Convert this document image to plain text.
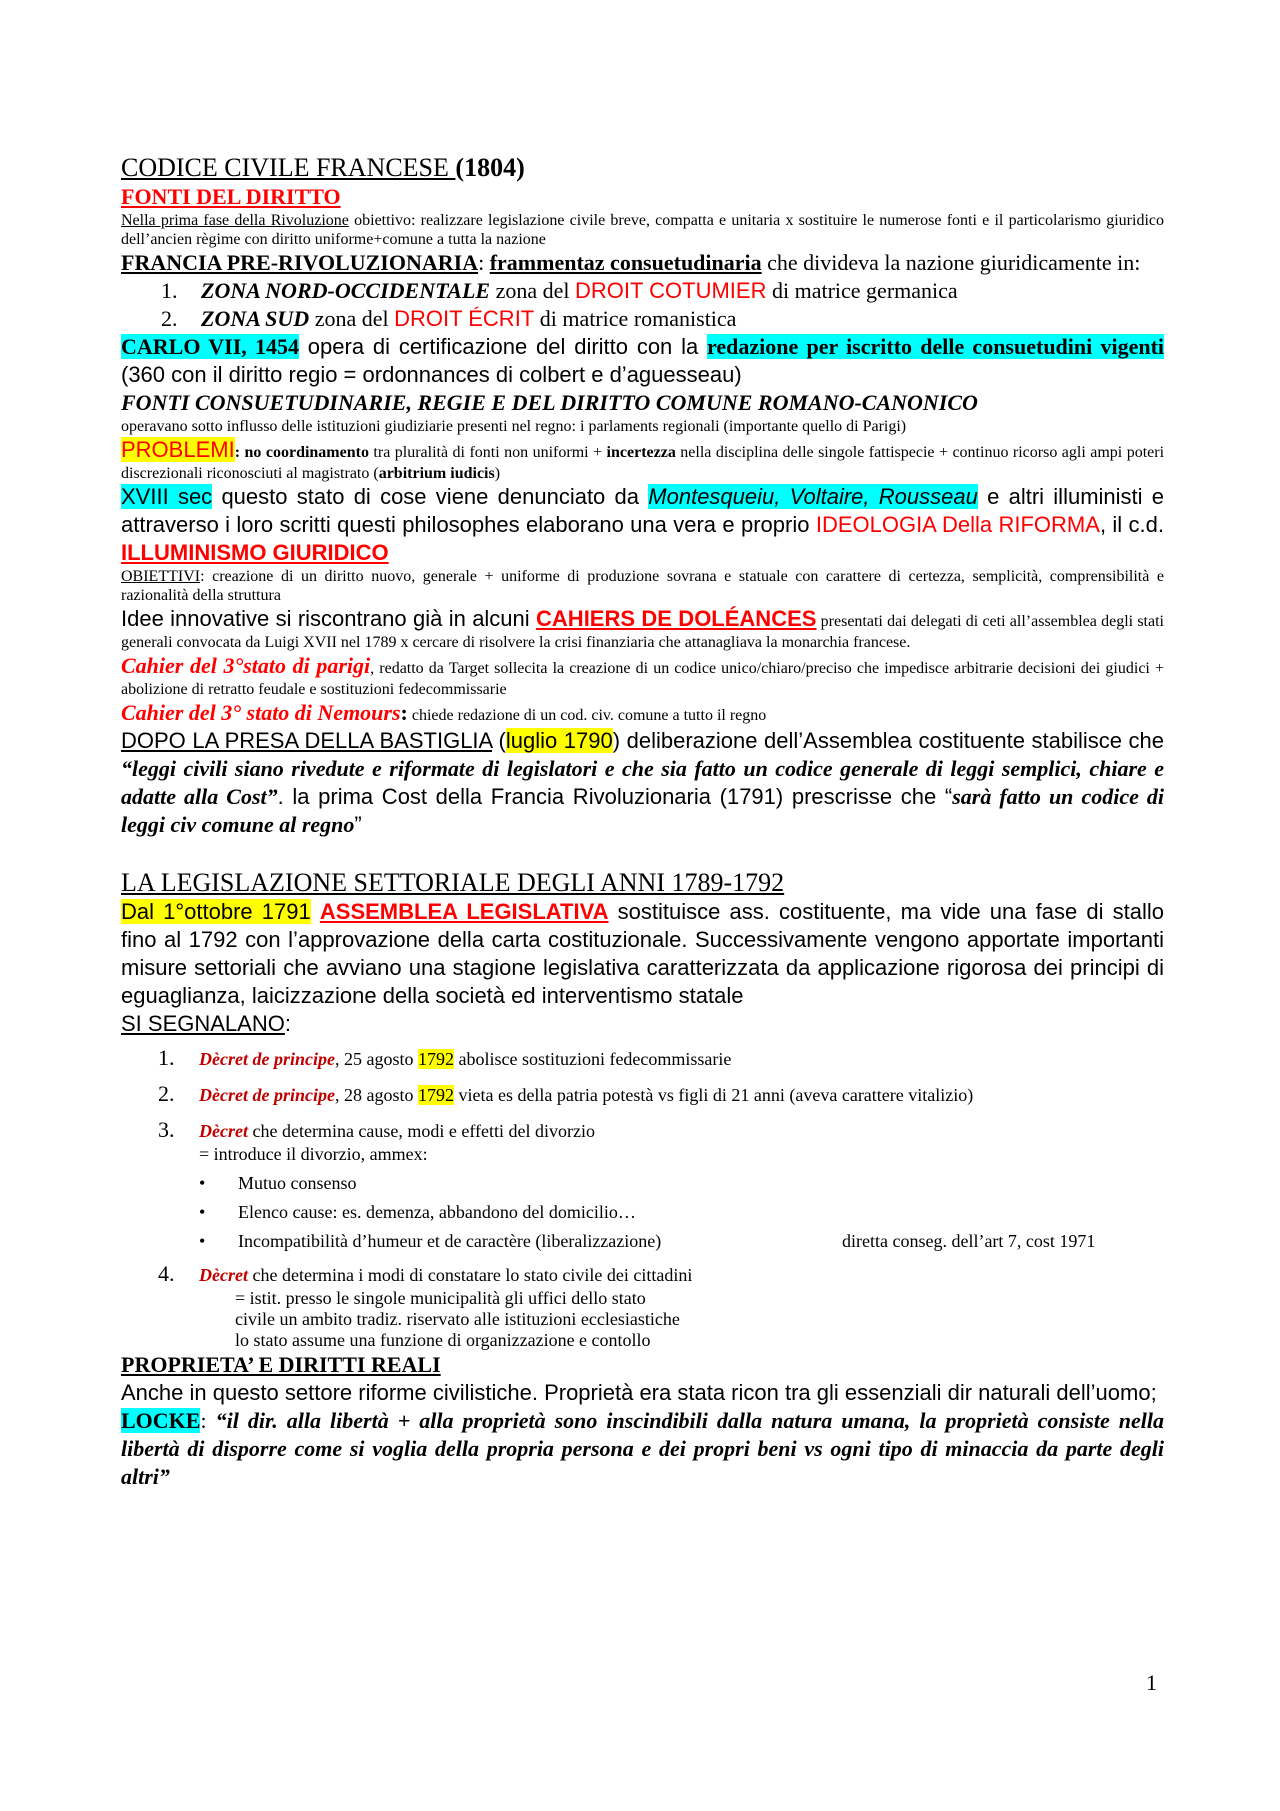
CODICE CIVILE FRANCESE (1804)

FONTI DEL DIRITTO

Nella prima fase della Rivoluzione obiettivo: realizzare legislazione civile breve, compatta e unitaria x sostituire le numerose fonti e il particolarismo giuridico dell’ancien règime con diritto uniforme+comune a tutta la nazione

FRANCIA PRE-RIVOLUZIONARIA: frammentaz consuetudinaria che divideva la nazione giuridicamente in:

1.	ZONA NORD-OCCIDENTALE zona del DROIT COTUMIER di matrice germanica
2.	ZONA SUD zona del DROIT ÉCRIT di matrice romanistica

CARLO VII, 1454 opera di certificazione del diritto con la redazione per iscritto delle consuetudini vigenti (360 con il diritto regio = ordonnances di colbert e d’aguesseau)

FONTI CONSUETUDINARIE, REGIE E DEL DIRITTO COMUNE ROMANO-CANONICO

operavano sotto influsso delle istituzioni giudiziarie presenti nel regno: i parlaments regionali (importante quello di Parigi)

PROBLEMI: no coordinamento tra pluralità di fonti non uniformi + incertezza nella disciplina delle singole fattispecie + continuo ricorso agli ampi poteri discrezionali riconosciuti al magistrato (arbitrium iudicis)

XVIII sec questo stato di cose viene denunciato da Montesqueiu, Voltaire, Rousseau e altri illuministi e attraverso i loro scritti questi philosophes elaborano una vera e proprio IDEOLOGIA Della RIFORMA, il c.d. ILLUMINISMO GIURIDICO

OBIETTIVI: creazione di un diritto nuovo, generale + uniforme di produzione sovrana e statuale con carattere di certezza, semplicità, comprensibilità e razionalità della struttura

Idee innovative si riscontrano già in alcuni CAHIERS DE DOLÉANCES presentati dai delegati di ceti all’assemblea degli stati generali convocata da Luigi XVII nel 1789 x cercare di risolvere la crisi finanziaria che attanagliava la monarchia francese.

Cahier del 3°stato di parigi, redatto da Target sollecita la creazione di un codice unico/chiaro/preciso che impedisce arbitrarie decisioni dei giudici + abolizione di retratto feudale e sostituzioni fedecommissarie

Cahier del 3° stato di Nemours: chiede redazione di un cod. civ. comune a tutto il regno

DOPO LA PRESA DELLA BASTIGLIA (luglio 1790) deliberazione dell’Assemblea costituente stabilisce che “leggi civili siano rivedute e riformate di legislatori e che sia fatto un codice generale di leggi semplici, chiare e adatte alla Cost”. la prima Cost della Francia Rivoluzionaria (1791) prescrisse che “sarà fatto un codice di leggi civ comune al regno”

LA LEGISLAZIONE SETTORIALE DEGLI ANNI 1789-1792

Dal 1°ottobre 1791 ASSEMBLEA LEGISLATIVA sostituisce ass. costituente, ma vide una fase di stallo fino al 1792 con l’approvazione della carta costituzionale. Successivamente vengono apportate importanti misure settoriali che avviano una stagione legislativa caratterizzata da applicazione rigorosa dei principi di eguaglianza, laicizzazione della società ed interventismo statale

SI SEGNALANO:

1.	Dècret de principe, 25 agosto 1792 abolisce sostituzioni fedecommissarie
2.	Dècret de principe, 28 agosto 1792 vieta es della patria potestà vs figli di 21 anni (aveva carattere vitalizio)
3.	Dècret che determina cause, modi e effetti del divorzio

= introduce il divorzio, ammex:

•	Mutuo consenso
•	Elenco cause: es. demenza, abbandono del domicilio…
•	Incompatibilità d’humeur et de caractère (liberalizzazione)	diretta conseg. dell’art 7, cost 1971
4.	Dècret che determina i modi di constatare lo stato civile dei cittadini

= istit. presso le singole municipalità gli uffici dello stato

civile un ambito tradiz. riservato alle istituzioni ecclesiastiche

lo stato assume una funzione di organizzazione e contollo

PROPRIETA’ E DIRITTI REALI

Anche in questo settore riforme civilistiche. Proprietà era stata ricon tra gli essenziali dir naturali dell’uomo;

LOCKE: “il dir. alla libertà + alla proprietà sono inscindibili dalla natura umana, la proprietà consiste nella libertà di disporre come si voglia della propria persona e dei propri beni vs ogni tipo di minaccia da parte degli altri”

1
